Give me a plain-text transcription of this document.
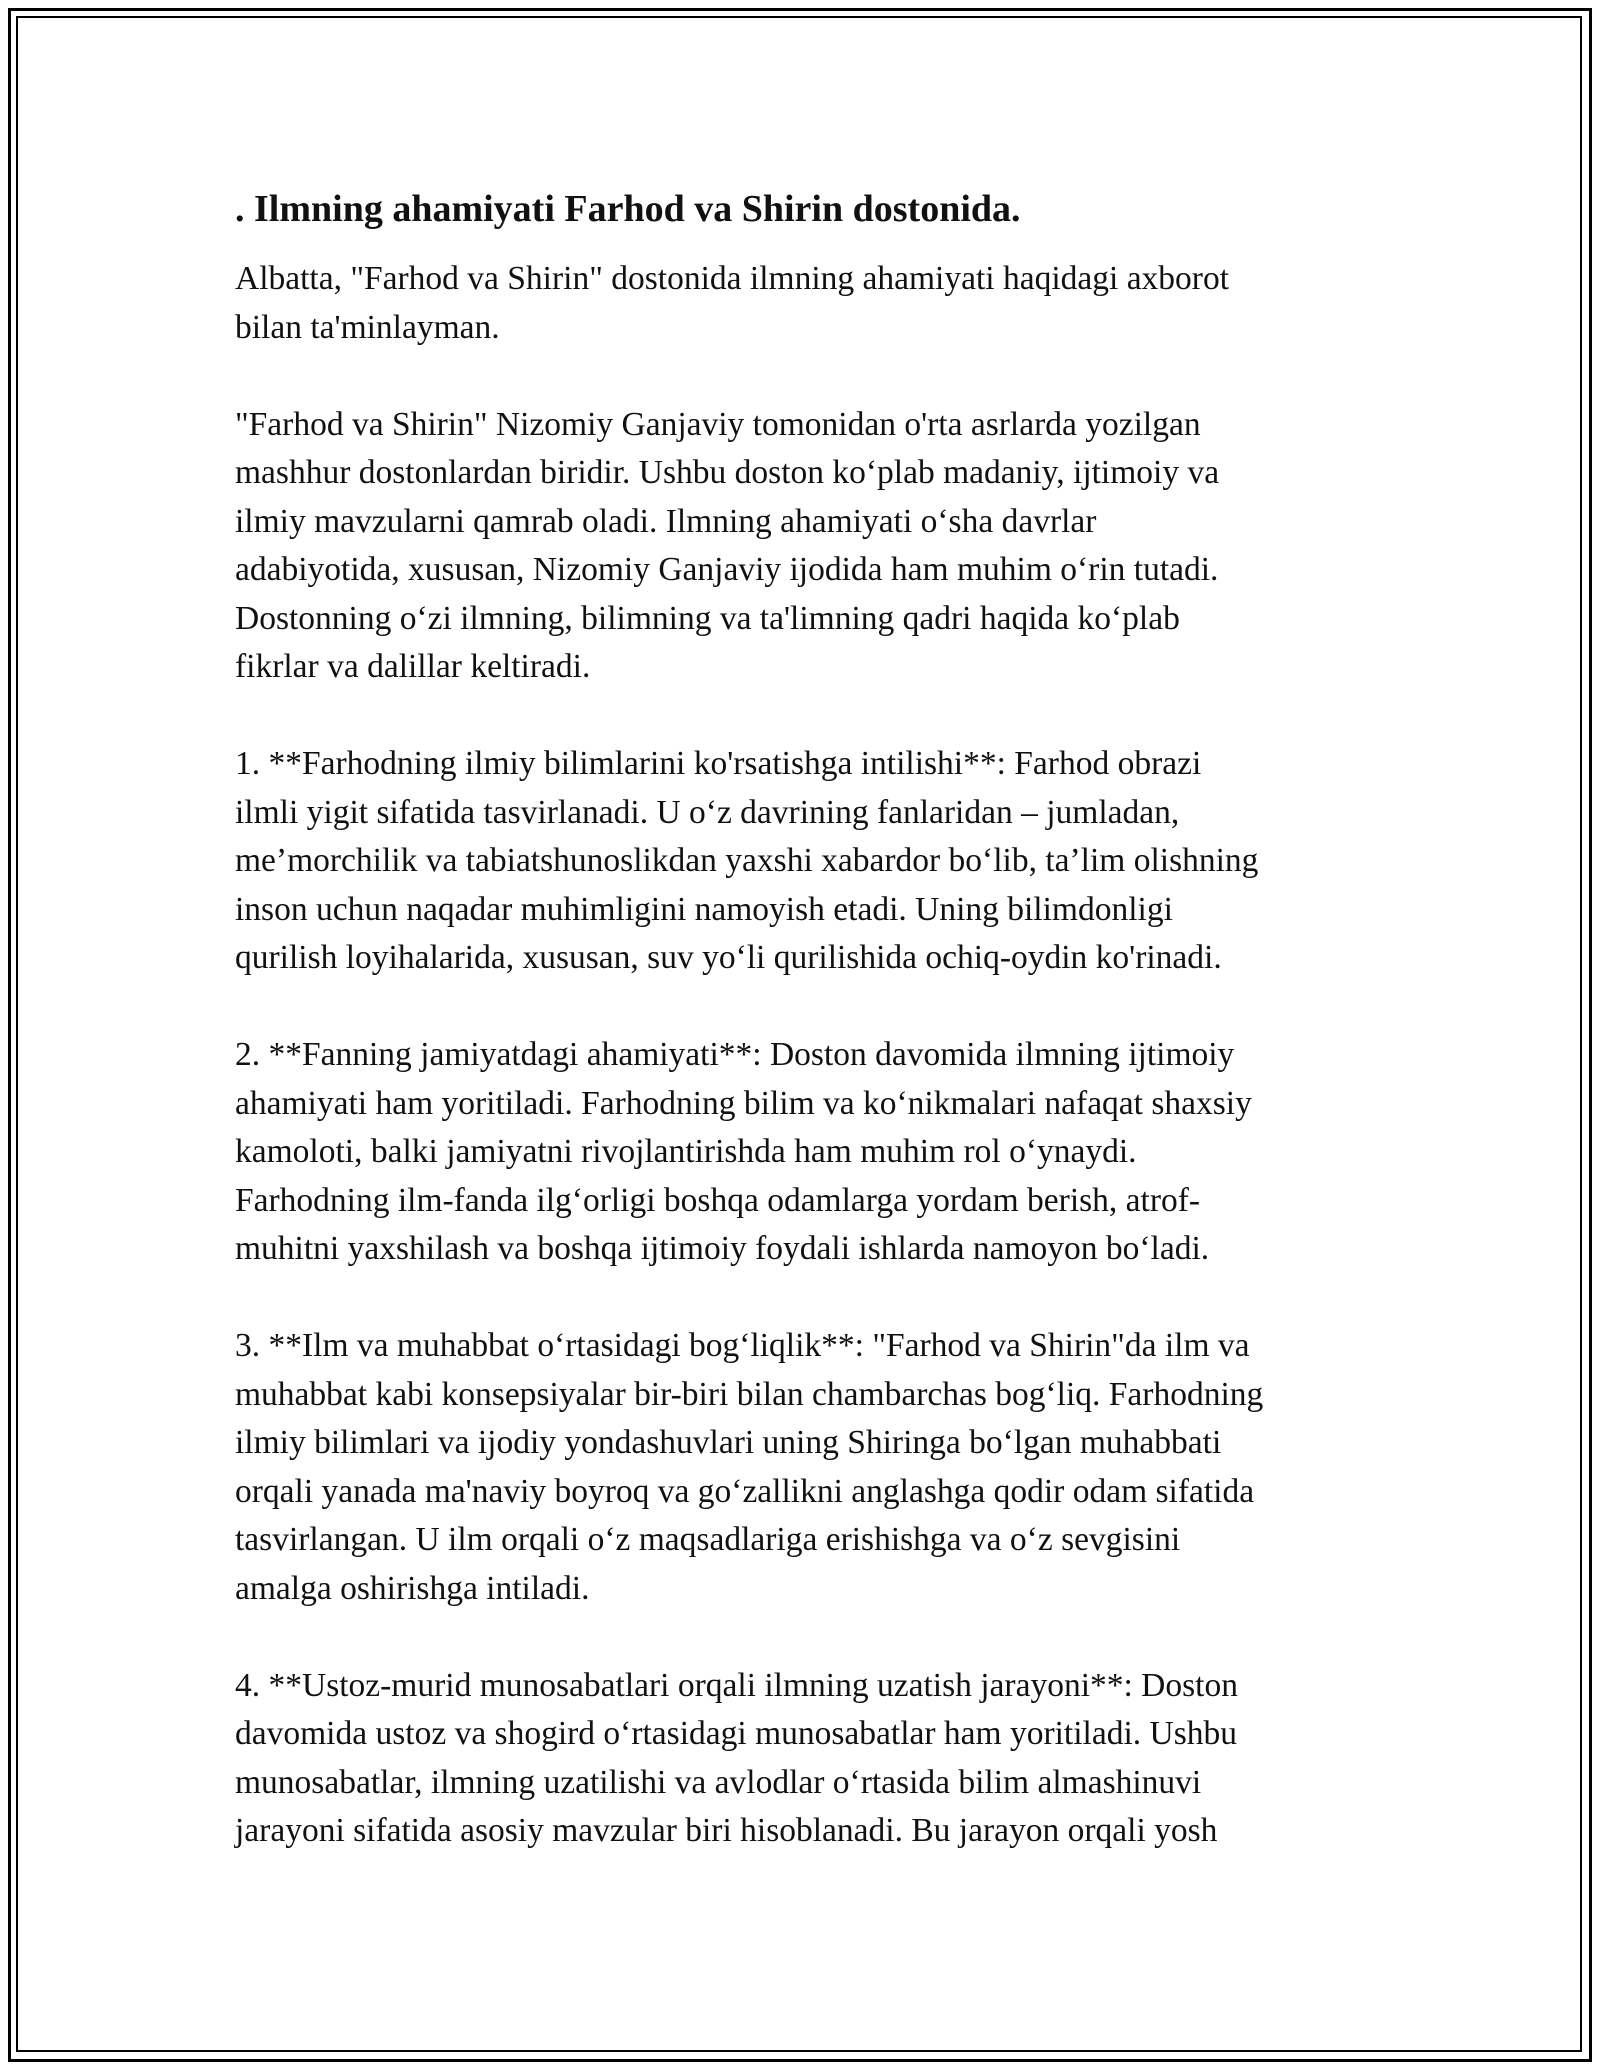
. Ilmning ahamiyati Farhod va Shirin dostonida.

Albatta, "Farhod va Shirin" dostonida ilmning ahamiyati haqidagi axborot
bilan ta'minlayman.

"Farhod va Shirin" Nizomiy Ganjaviy tomonidan o'rta asrlarda yozilgan
mashhur dostonlardan biridir. Ushbu doston ko‘plab madaniy, ijtimoiy va
ilmiy mavzularni qamrab oladi. Ilmning ahamiyati o‘sha davrlar
adabiyotida, xususan, Nizomiy Ganjaviy ijodida ham muhim o‘rin tutadi.
Dostonning o‘zi ilmning, bilimning va ta'limning qadri haqida ko‘plab
fikrlar va dalillar keltiradi.

1. **Farhodning ilmiy bilimlarini ko'rsatishga intilishi**: Farhod obrazi
ilmli yigit sifatida tasvirlanadi. U o‘z davrining fanlaridan – jumladan,
me’morchilik va tabiatshunoslikdan yaxshi xabardor bo‘lib, ta’lim olishning
inson uchun naqadar muhimligini namoyish etadi. Uning bilimdonligi
qurilish loyihalarida, xususan, suv yo‘li qurilishida ochiq-oydin ko'rinadi.

2. **Fanning jamiyatdagi ahamiyati**: Doston davomida ilmning ijtimoiy
ahamiyati ham yoritiladi. Farhodning bilim va ko‘nikmalari nafaqat shaxsiy
kamoloti, balki jamiyatni rivojlantirishda ham muhim rol o‘ynaydi.
Farhodning ilm-fanda ilg‘orligi boshqa odamlarga yordam berish, atrof-
muhitni yaxshilash va boshqa ijtimoiy foydali ishlarda namoyon bo‘ladi.

3. **Ilm va muhabbat o‘rtasidagi bog‘liqlik**: "Farhod va Shirin"da ilm va
muhabbat kabi konsepsiyalar bir-biri bilan chambarchas bog‘liq. Farhodning
ilmiy bilimlari va ijodiy yondashuvlari uning Shiringa bo‘lgan muhabbati
orqali yanada ma'naviy boyroq va go‘zallikni anglashga qodir odam sifatida
tasvirlangan. U ilm orqali o‘z maqsadlariga erishishga va o‘z sevgisini
amalga oshirishga intiladi.

4. **Ustoz-murid munosabatlari orqali ilmning uzatish jarayoni**: Doston
davomida ustoz va shogird o‘rtasidagi munosabatlar ham yoritiladi. Ushbu
munosabatlar, ilmning uzatilishi va avlodlar o‘rtasida bilim almashinuvi
jarayoni sifatida asosiy mavzular biri hisoblanadi. Bu jarayon orqali yosh
